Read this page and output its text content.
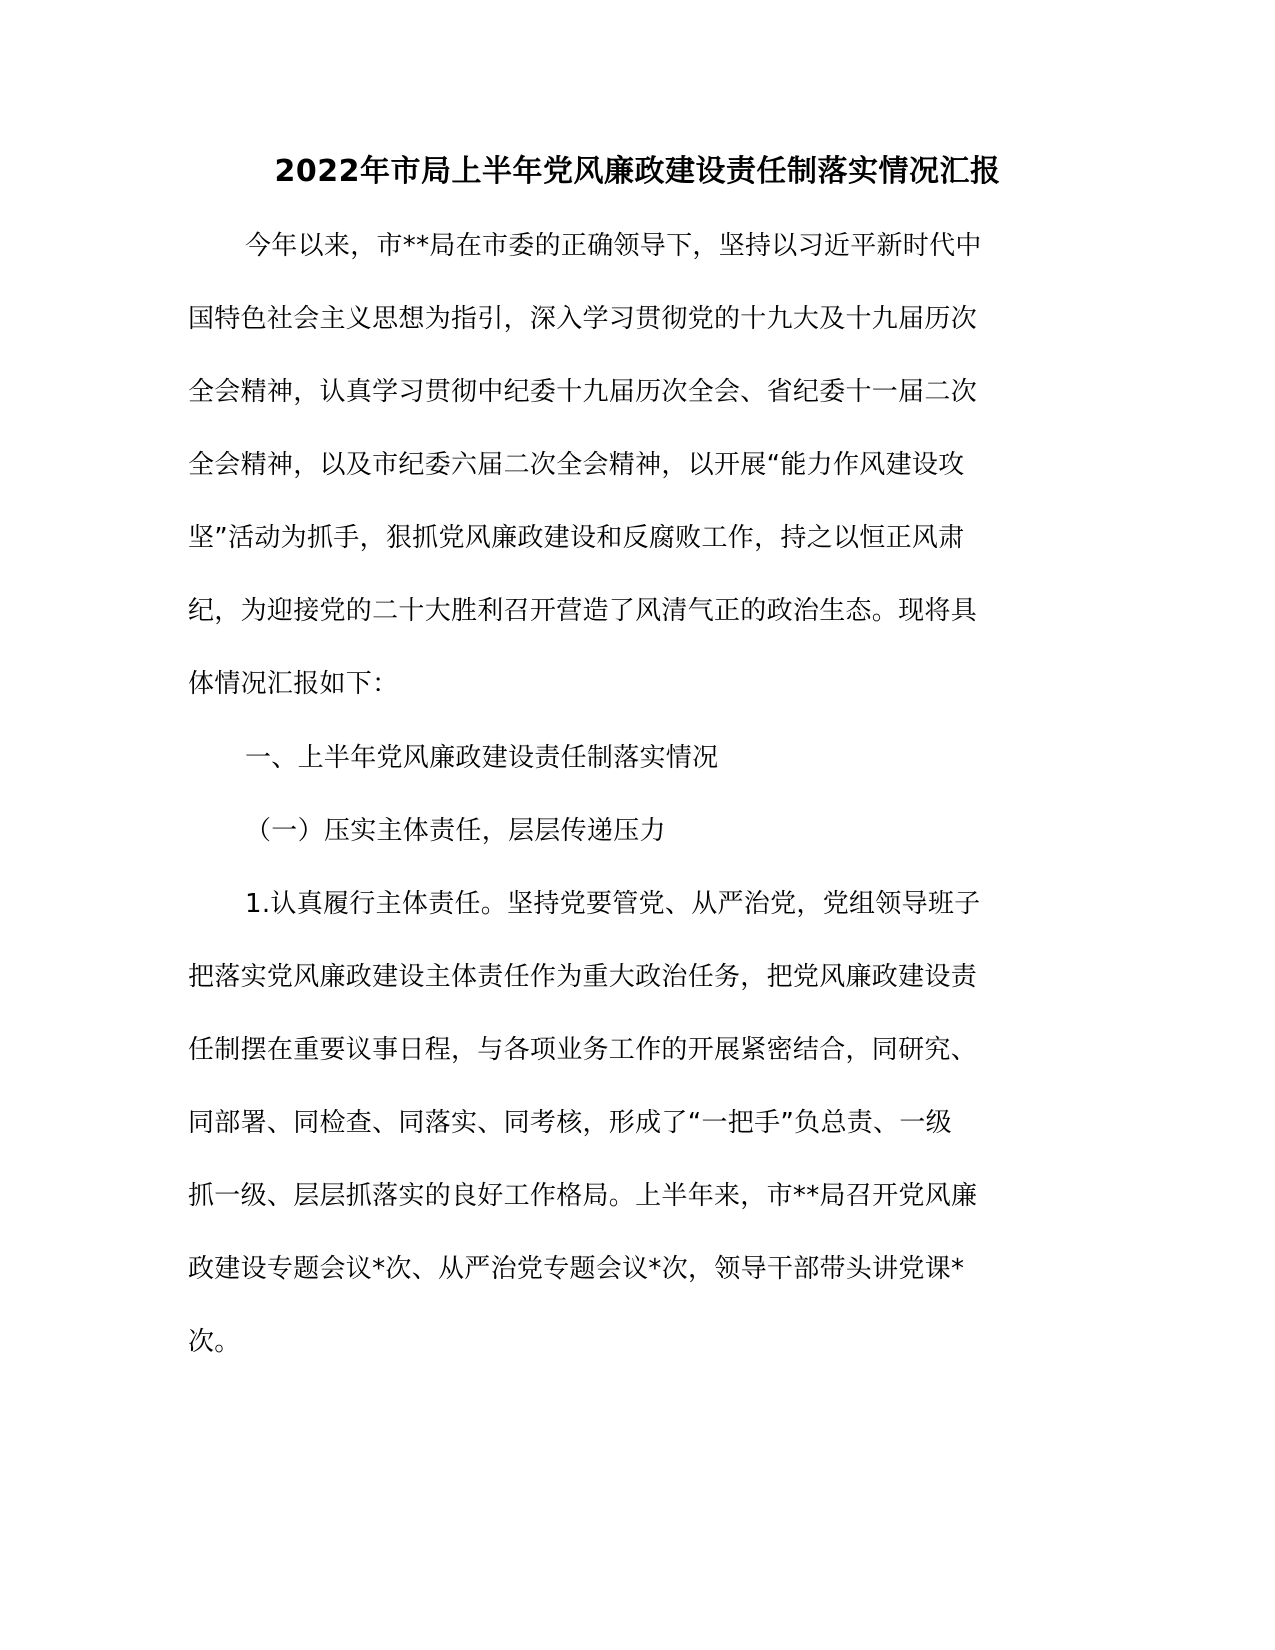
2022年市局上半年党风廉政建设责任制落实情况汇报
今年以来，市**局在市委的正确领导下，坚持以习近平新时代中
国特色社会主义思想为指引，深入学习贯彻党的十九大及十九届历次
全会精神，认真学习贯彻中纪委十九届历次全会、省纪委十一届二次
全会精神，以及市纪委六届二次全会精神，以开展“能力作风建设攻
坚”活动为抓手，狠抓党风廉政建设和反腐败工作，持之以恒正风肃
纪，为迎接党的二十大胜利召开营造了风清气正的政治生态。现将具
体情况汇报如下：
一、上半年党风廉政建设责任制落实情况
（一）压实主体责任，层层传递压力
1.认真履行主体责任。坚持党要管党、从严治党，党组领导班子
把落实党风廉政建设主体责任作为重大政治任务，把党风廉政建设责
任制摆在重要议事日程，与各项业务工作的开展紧密结合，同研究、
同部署、同检查、同落实、同考核，形成了“一把手”负总责、一级
抓一级、层层抓落实的良好工作格局。上半年来，市**局召开党风廉
政建设专题会议*次、从严治党专题会议*次，领导干部带头讲党课*
次。
